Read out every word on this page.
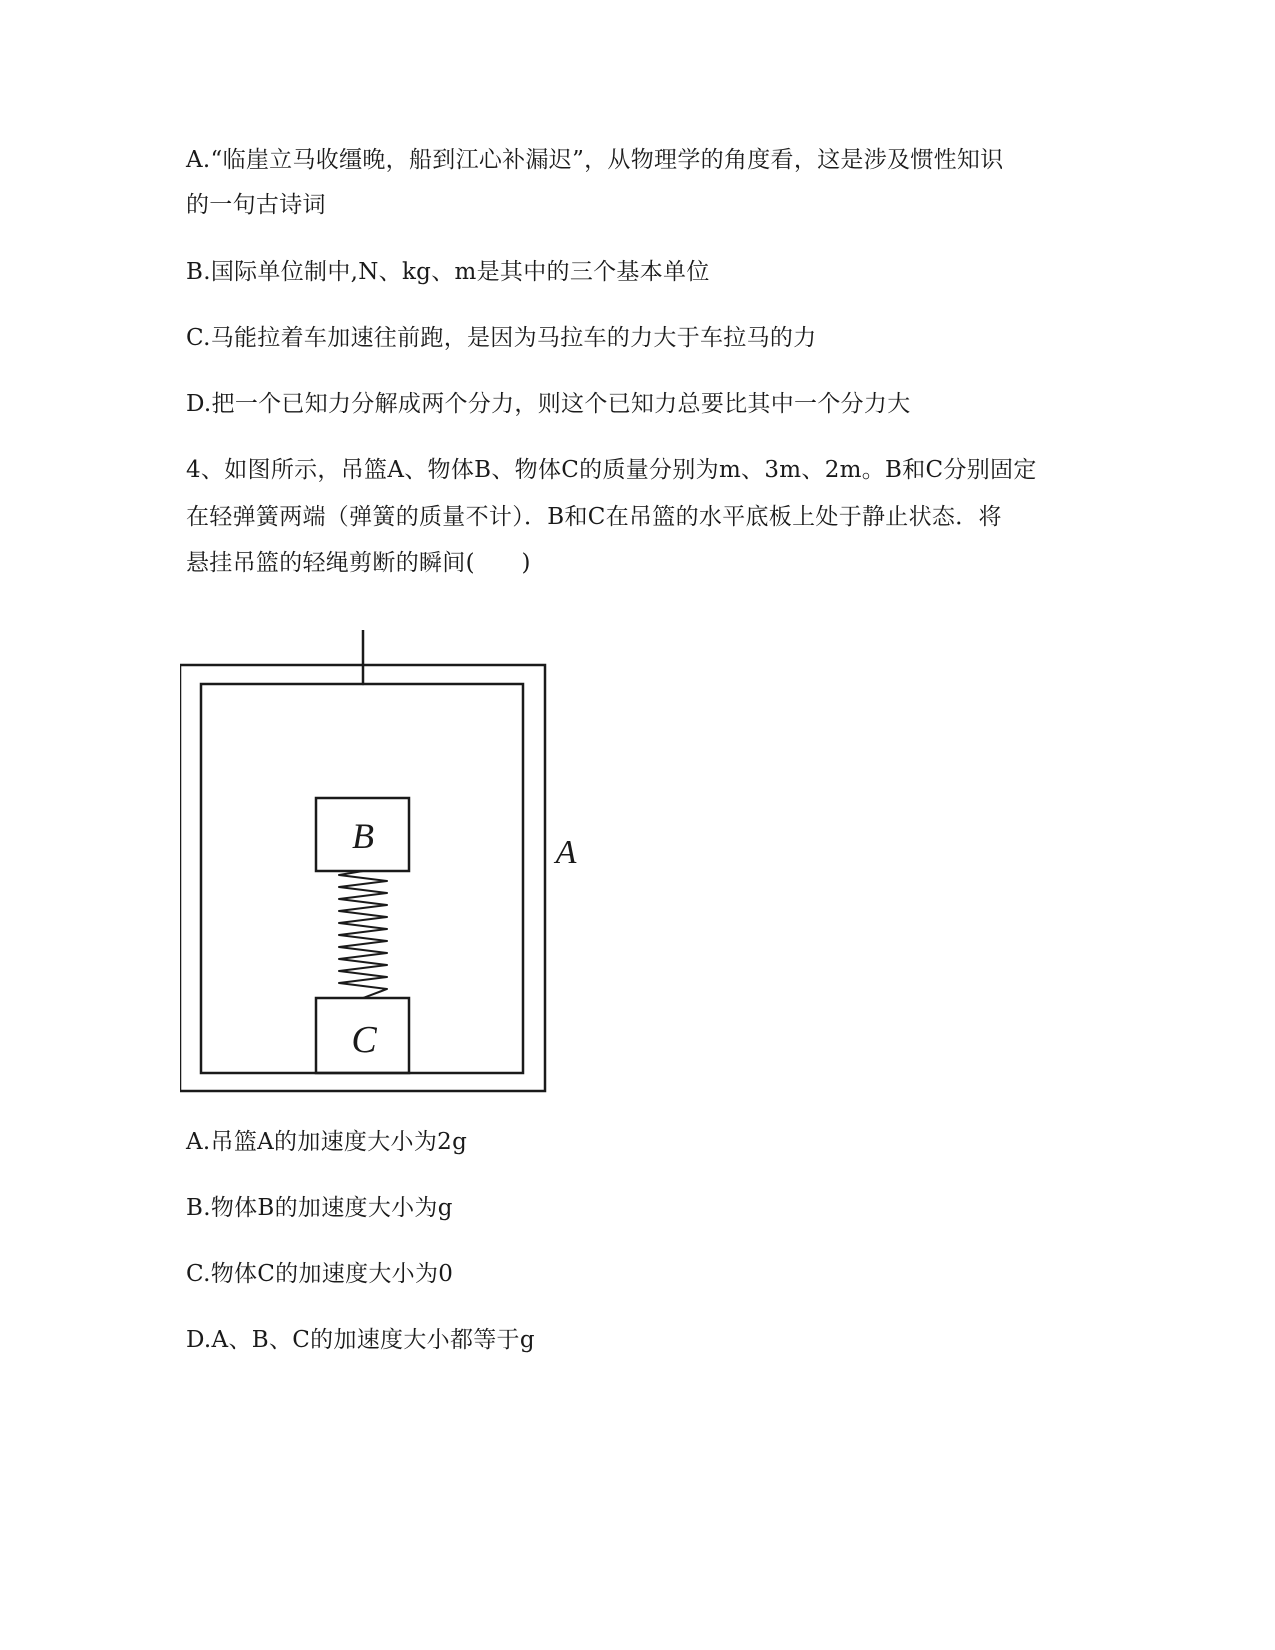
A.“临崖立马收缰晚，船到江心补漏迟”，从物理学的角度看，这是涉及惯性知识
的一句古诗词
B.国际单位制中,N、kg、m是其中的三个基本单位
C.马能拉着车加速往前跑，是因为马拉车的力大于车拉马的力
D.把一个已知力分解成两个分力，则这个已知力总要比其中一个分力大
4、如图所示，吊篮A、物体B、物体C的质量分别为m、3m、2m。B和C分别固定
在轻弹簧两端（弹簧的质量不计）．B和C在吊篮的水平底板上处于静止状态．将
悬挂吊篮的轻绳剪断的瞬间(　　)
B
C
A
A.吊篮A的加速度大小为2g
B.物体B的加速度大小为g
C.物体C的加速度大小为0
D.A、B、C的加速度大小都等于g
